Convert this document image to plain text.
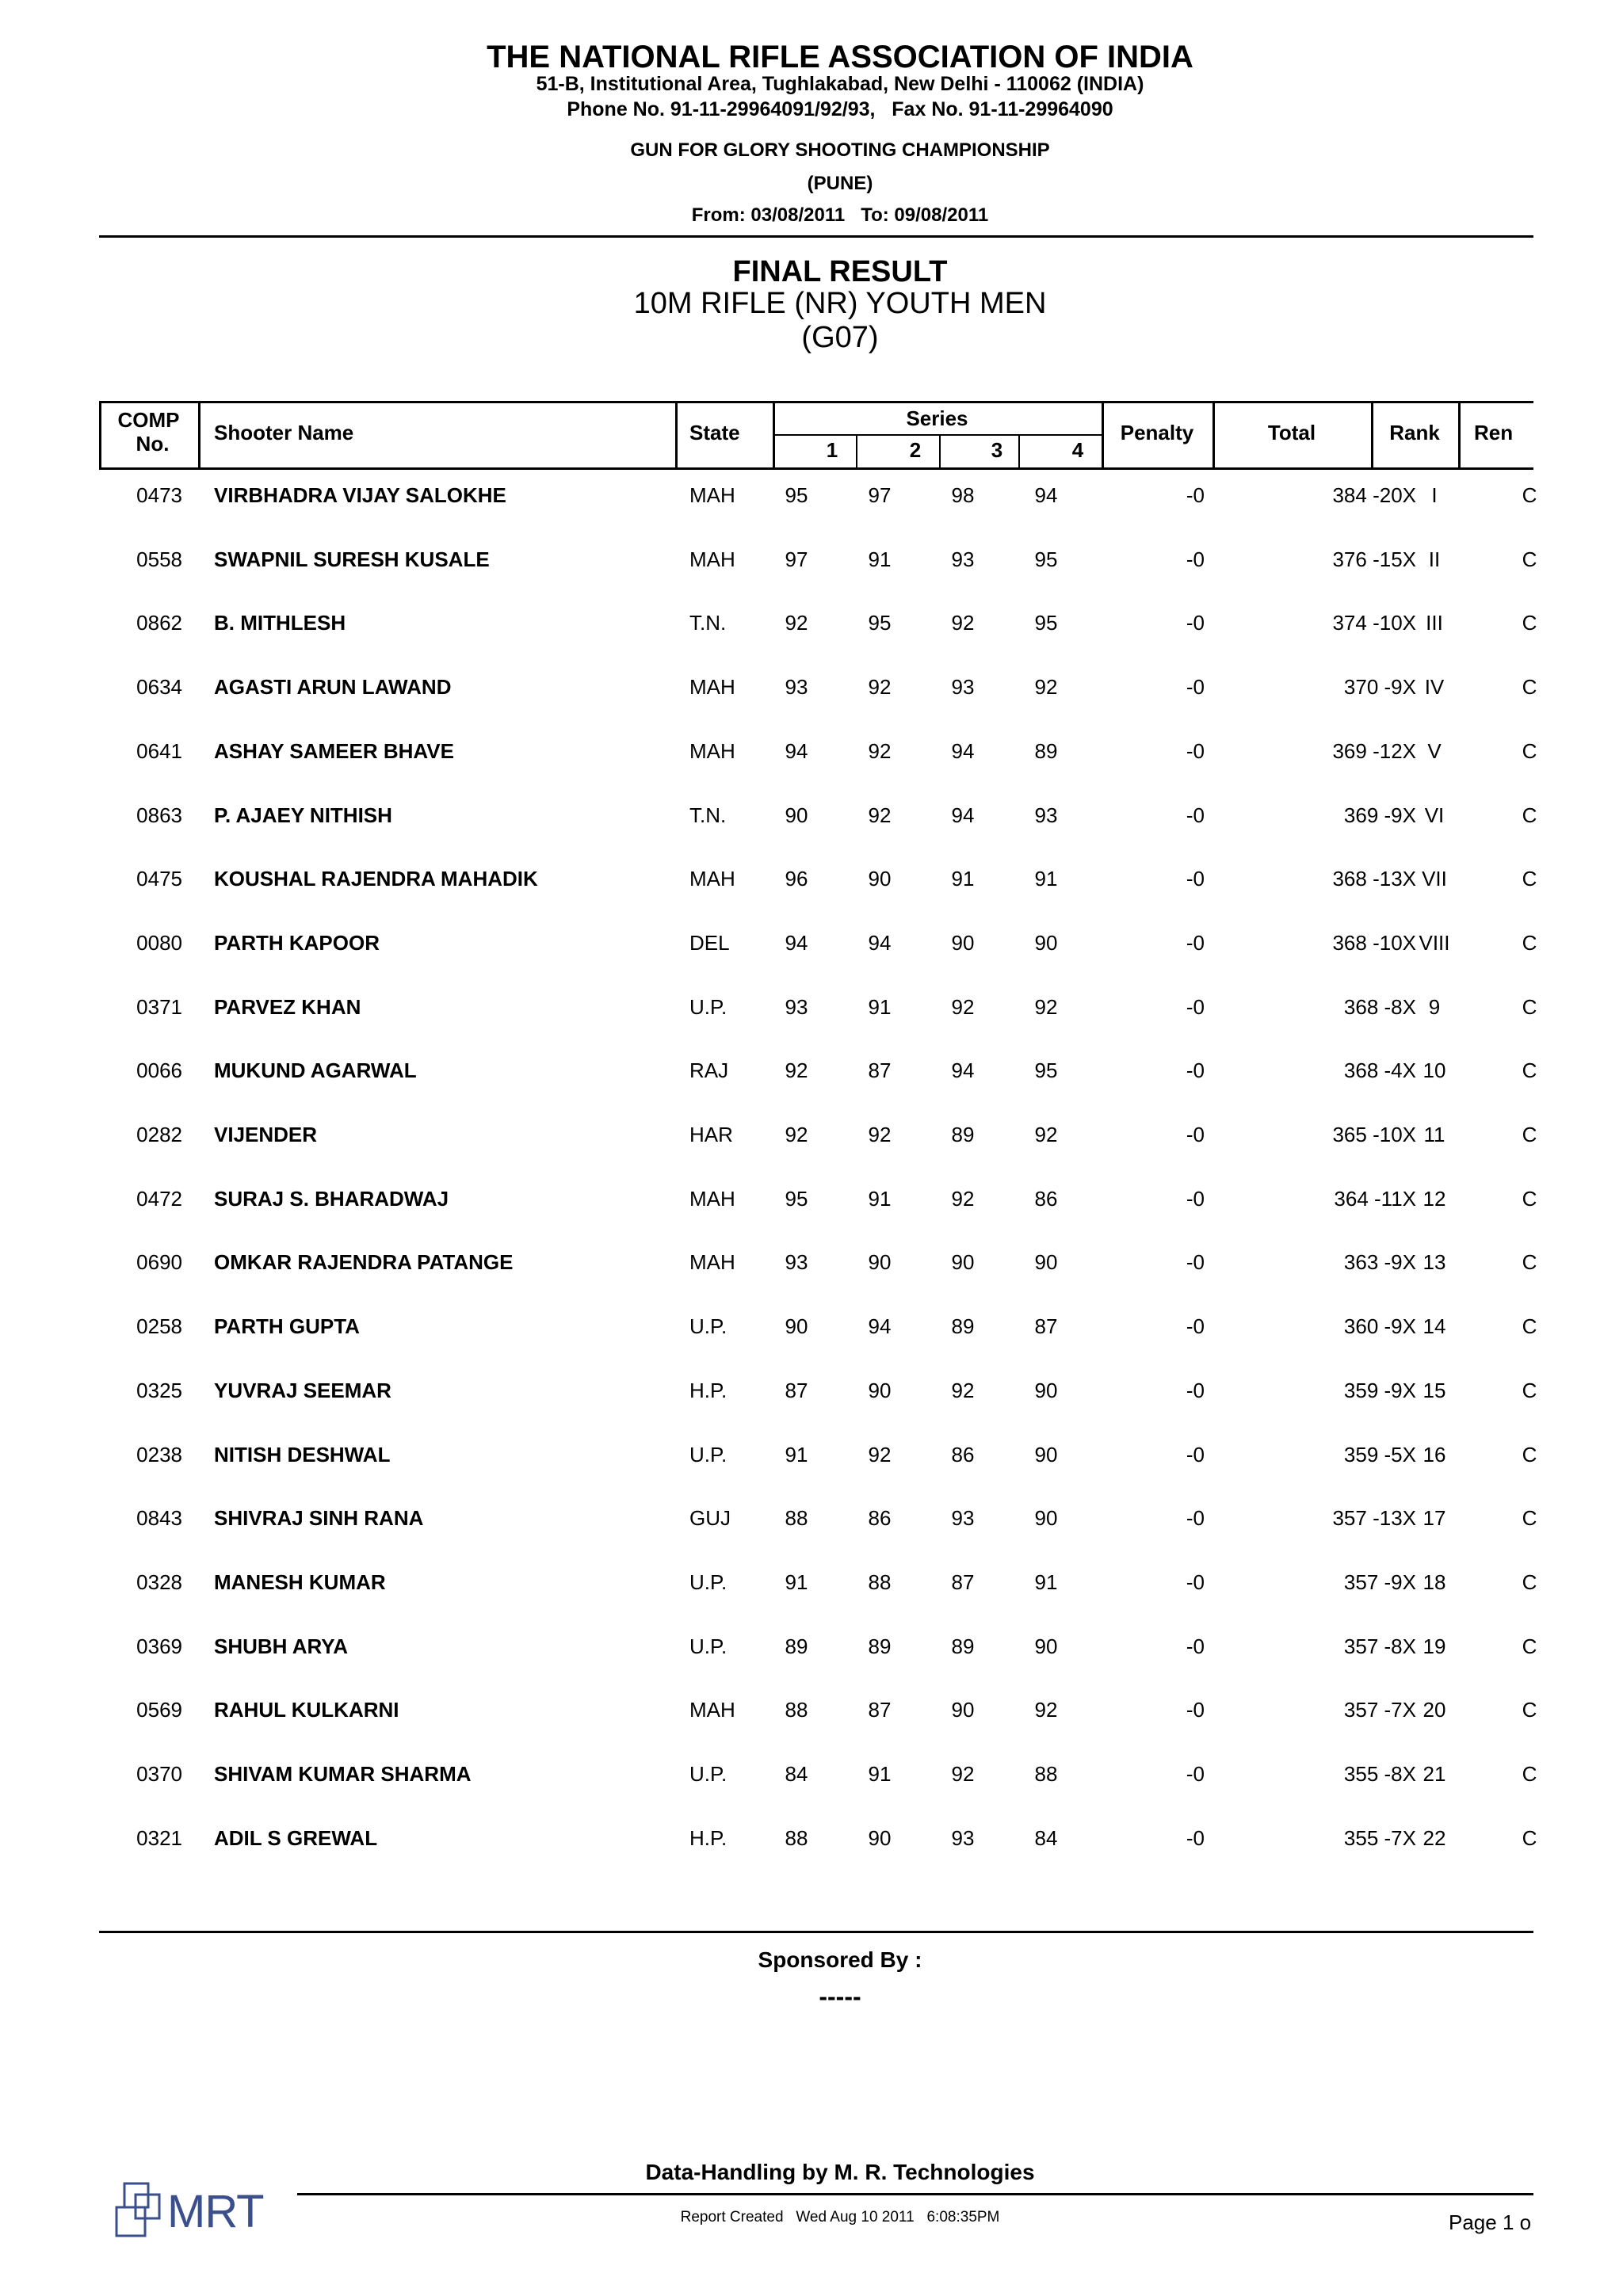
THE NATIONAL RIFLE ASSOCIATION OF INDIA
51-B, Institutional Area, Tughlakabad, New Delhi - 110062 (INDIA)
Phone No. 91-11-29964091/92/93,   Fax No. 91-11-29964090
GUN FOR GLORY SHOOTING CHAMPIONSHIP
(PUNE)
From: 03/08/2011   To: 09/08/2011
FINAL RESULT
10M RIFLE (NR) YOUTH MEN
(G07)
COMP
No.	Shooter Name	State
Series
1	2	3	4
Penalty	Total	Rank	Ren
0473 VIRBHADRA VIJAY SALOKHE	MAH	95	97	98	94	-0	384 -20X I	C
0558 SWAPNIL SURESH KUSALE	MAH	97	91	93	95	-0	376 -15X II	C
0862 B. MITHLESH	T.N.	92	95	92	95	-0	374 -10X III	C
0634 AGASTI ARUN LAWAND	MAH	93	92	93	92	-0	370 -9X IV	C
0641 ASHAY SAMEER BHAVE	MAH	94	92	94	89	-0	369 -12X V	C
0863 P. AJAEY NITHISH	T.N.	90	92	94	93	-0	369 -9X VI	C
0475 KOUSHAL RAJENDRA MAHADIK	MAH	96	90	91	91	-0	368 -13X VII	C
0080 PARTH KAPOOR	DEL	94	94	90	90	-0	368 -10X VIII	C
0371 PARVEZ KHAN	U.P.	93	91	92	92	-0	368 -8X 9	C
0066 MUKUND AGARWAL	RAJ	92	87	94	95	-0	368 -4X 10	C
0282 VIJENDER	HAR	92	92	89	92	-0	365 -10X 11	C
0472 SURAJ S. BHARADWAJ	MAH	95	91	92	86	-0	364 -11X 12	C
0690 OMKAR RAJENDRA PATANGE	MAH	93	90	90	90	-0	363 -9X 13	C
0258 PARTH GUPTA	U.P.	90	94	89	87	-0	360 -9X 14	C
0325 YUVRAJ SEEMAR	H.P.	87	90	92	90	-0	359 -9X 15	C
0238 NITISH DESHWAL	U.P.	91	92	86	90	-0	359 -5X 16	C
0843 SHIVRAJ SINH RANA	GUJ	88	86	93	90	-0	357 -13X 17	C
0328 MANESH KUMAR	U.P.	91	88	87	91	-0	357 -9X 18	C
0369 SHUBH ARYA	U.P.	89	89	89	90	-0	357 -8X 19	C
0569 RAHUL KULKARNI	MAH	88	87	90	92	-0	357 -7X 20	C
0370 SHIVAM KUMAR SHARMA	U.P.	84	91	92	88	-0	355 -8X 21	C
0321 ADIL S GREWAL	H.P.	88	90	93	84	-0	355 -7X 22	C
Sponsored By :
-----
Data-Handling by M. R. Technologies
Report Created   Wed Aug 10 2011   6:08:35PM	Page 1 o
MRT
